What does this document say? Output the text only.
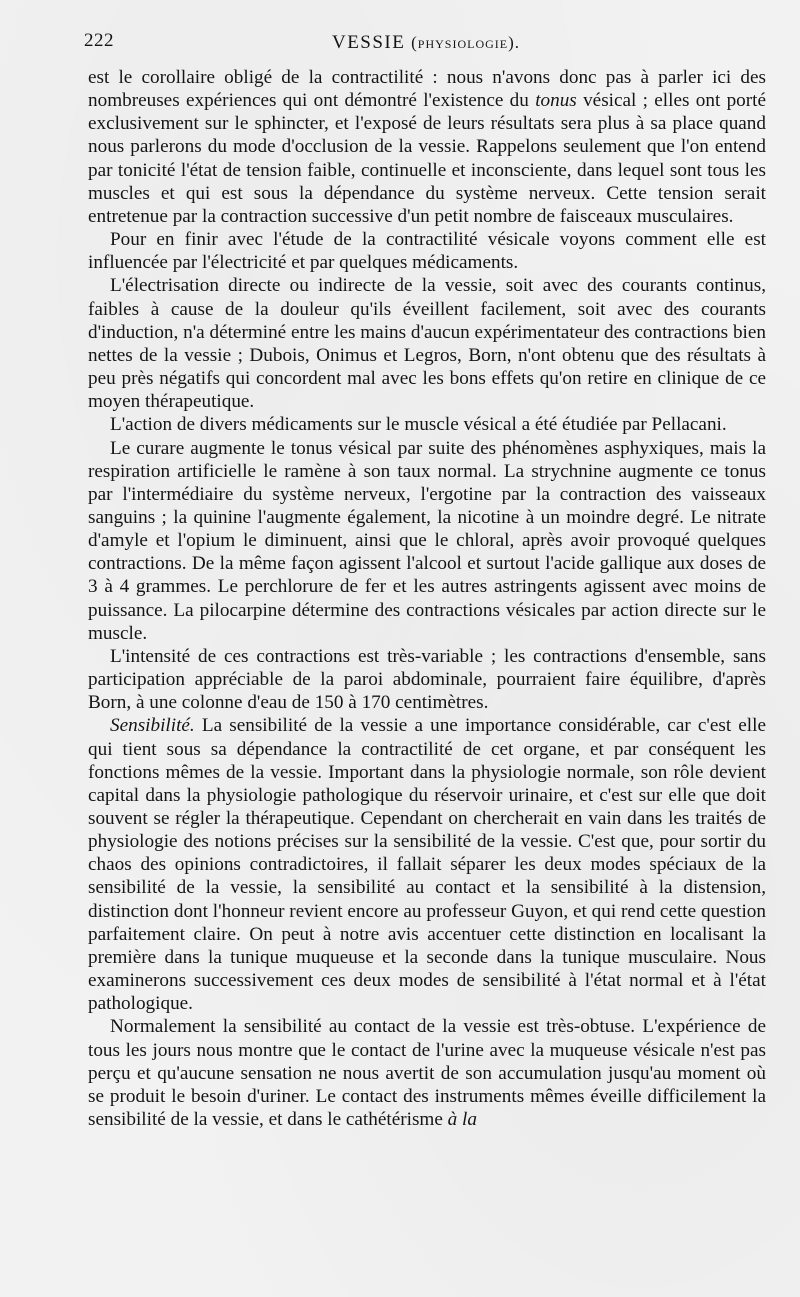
222	VESSIE (physiologie).

est le corollaire obligé de la contractilité : nous n'avons donc pas à parler ici des nombreuses expériences qui ont démontré l'existence du tonus vésical ; elles ont porté exclusivement sur le sphincter, et l'exposé de leurs résultats sera plus à sa place quand nous parlerons du mode d'occlusion de la vessie. Rappelons seulement que l'on entend par tonicité l'état de tension faible, continuelle et inconsciente, dans lequel sont tous les muscles et qui est sous la dépendance du système nerveux. Cette tension serait entretenue par la contraction successive d'un petit nombre de faisceaux musculaires.

Pour en finir avec l'étude de la contractilité vésicale voyons comment elle est influencée par l'électricité et par quelques médicaments.

L'électrisation directe ou indirecte de la vessie, soit avec des courants continus, faibles à cause de la douleur qu'ils éveillent facilement, soit avec des courants d'induction, n'a déterminé entre les mains d'aucun expérimentateur des contractions bien nettes de la vessie ; Dubois, Onimus et Legros, Born, n'ont obtenu que des résultats à peu près négatifs qui concordent mal avec les bons effets qu'on retire en clinique de ce moyen thérapeutique.

L'action de divers médicaments sur le muscle vésical a été étudiée par Pellacani.

Le curare augmente le tonus vésical par suite des phénomènes asphyxiques, mais la respiration artificielle le ramène à son taux normal. La strychnine augmente ce tonus par l'intermédiaire du système nerveux, l'ergotine par la contraction des vaisseaux sanguins ; la quinine l'augmente également, la nicotine à un moindre degré. Le nitrate d'amyle et l'opium le diminuent, ainsi que le chloral, après avoir provoqué quelques contractions. De la même façon agissent l'alcool et surtout l'acide gallique aux doses de 3 à 4 grammes. Le perchlorure de fer et les autres astringents agissent avec moins de puissance. La pilocarpine détermine des contractions vésicales par action directe sur le muscle.

L'intensité de ces contractions est très-variable ; les contractions d'ensemble, sans participation appréciable de la paroi abdominale, pourraient faire équilibre, d'après Born, à une colonne d'eau de 150 à 170 centimètres.

Sensibilité. La sensibilité de la vessie a une importance considérable, car c'est elle qui tient sous sa dépendance la contractilité de cet organe, et par conséquent les fonctions mêmes de la vessie. Important dans la physiologie normale, son rôle devient capital dans la physiologie pathologique du réservoir urinaire, et c'est sur elle que doit souvent se régler la thérapeutique. Cependant on chercherait en vain dans les traités de physiologie des notions précises sur la sensibilité de la vessie. C'est que, pour sortir du chaos des opinions contradictoires, il fallait séparer les deux modes spéciaux de la sensibilité de la vessie, la sensibilité au contact et la sensibilité à la distension, distinction dont l'honneur revient encore au professeur Guyon, et qui rend cette question parfaitement claire. On peut à notre avis accentuer cette distinction en localisant la première dans la tunique muqueuse et la seconde dans la tunique musculaire. Nous examinerons successivement ces deux modes de sensibilité à l'état normal et à l'état pathologique.

Normalement la sensibilité au contact de la vessie est très-obtuse. L'expérience de tous les jours nous montre que le contact de l'urine avec la muqueuse vésicale n'est pas perçu et qu'aucune sensation ne nous avertit de son accumulation jusqu'au moment où se produit le besoin d'uriner. Le contact des instruments mêmes éveille difficilement la sensibilité de la vessie, et dans le cathétérisme à la
